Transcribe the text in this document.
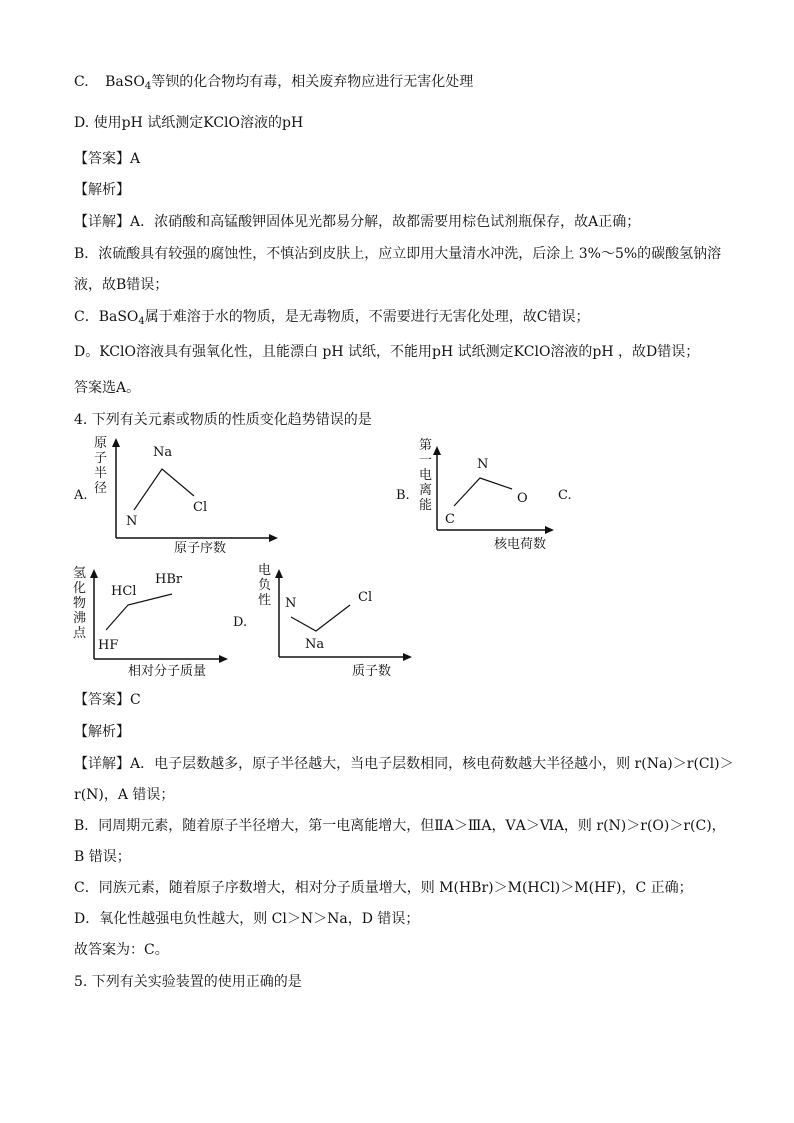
C. BaSO$_4$等钡的化合物均有毒，相关废弃物应进行无害化处理
D. 使用pH 试纸测定KClO溶液的pH
【答案】A
【解析】
【详解】A．浓硝酸和高锰酸钾固体见光都易分解，故都需要用棕色试剂瓶保存，故A正确；
B．浓硫酸具有较强的腐蚀性，不慎沾到皮肤上，应立即用大量清水冲洗，后涂上 3%～5%的碳酸氢钠溶
液，故B错误；
C．BaSO$_4$属于难溶于水的物质，是无毒物质，不需要进行无害化处理，故C错误；
D。KClO溶液具有强氧化性，且能漂白 pH 试纸，不能用pH 试纸测定KClO溶液的pH ，故D错误；
答案选A。
4. 下列有关元素或物质的性质变化趋势错误的是
A.
原子半径
N
Na
Cl
原子序数
B.
第一电离能
C
N
O
核电荷数
C.
氢化物沸点
HF
HCl
HBr
相对分子质量
D.
电负性 N
Na
Cl
质子数
【答案】C
【解析】
【详解】A．电子层数越多，原子半径越大，当电子层数相同，核电荷数越大半径越小，则 r(Na)＞r(Cl)＞
r(N)，A 错误；
B．同周期元素，随着原子半径增大，第一电离能增大，但ⅡA＞ⅢA，ⅤA＞ⅥA，则 r(N)＞r(O)＞r(C)，
B 错误；
C．同族元素，随着原子序数增大，相对分子质量增大，则 M(HBr)＞M(HCl)＞M(HF)，C 正确；
D．氧化性越强电负性越大，则 Cl＞N＞Na，D 错误；
故答案为：C。
5. 下列有关实验装置的使用正确的是
